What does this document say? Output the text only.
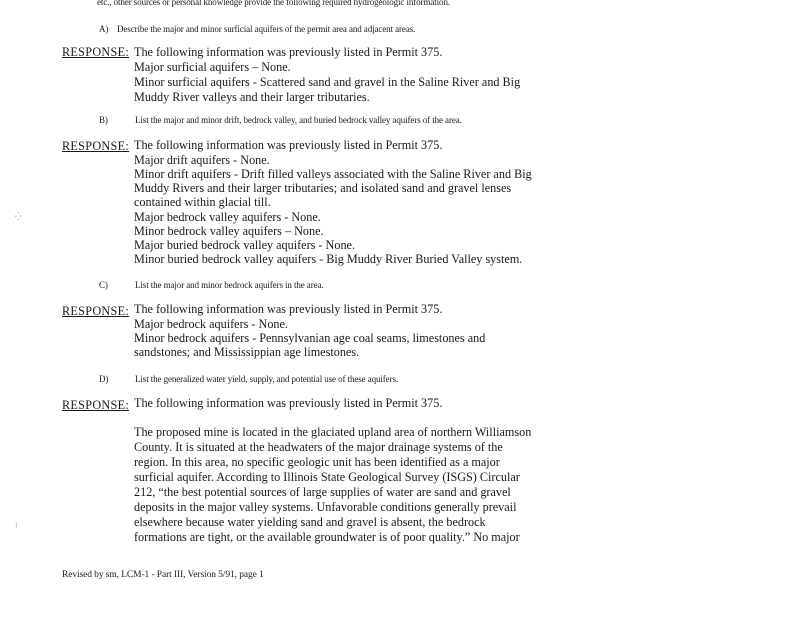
etc., other sources or personal knowledge provide the following required hydrogeologic information.
A) Describe the major and minor surficial aquifers of the permit area and adjacent areas.
RESPONSE: The following information was previously listed in Permit 375.
Major surficial aquifers – None.
Minor surficial aquifers - Scattered sand and gravel in the Saline River and Big
Muddy River valleys and their larger tributaries.
B)	List the major and minor drift, bedrock valley, and buried bedrock valley aquifers of the area.
RESPONSE: The following information was previously listed in Permit 375.
Major drift aquifers - None.
Minor drift aquifers - Drift filled valleys associated with the Saline River and Big
Muddy Rivers and their larger tributaries; and isolated sand and gravel lenses
contained within glacial till.
Major bedrock valley aquifers - None.
Minor bedrock valley aquifers – None.
Major buried bedrock valley aquifers - None.
Minor buried bedrock valley aquifers - Big Muddy River Buried Valley system.
C)	List the major and minor bedrock aquifers in the area.
RESPONSE: The following information was previously listed in Permit 375.
Major bedrock aquifers - None.
Minor bedrock aquifers - Pennsylvanian age coal seams, limestones and
sandstones; and Mississippian age limestones.
D)	List the generalized water yield, supply, and potential use of these aquifers.
RESPONSE: The following information was previously listed in Permit 375.
The proposed mine is located in the glaciated upland area of northern Williamson County. It is situated at the headwaters of the major drainage systems of the region. In this area, no specific geologic unit has been identified as a major surficial aquifer. According to Illinois State Geological Survey (ISGS) Circular 212, “the best potential sources of large supplies of water are sand and gravel deposits in the major valley systems. Unfavorable conditions generally prevail elsewhere because water yielding sand and gravel is absent, the bedrock formations are tight, or the available groundwater is of poor quality.” No major
Revised by sm, LCM-1 - Part III, Version 5/91, page 1
⁛
⁝
